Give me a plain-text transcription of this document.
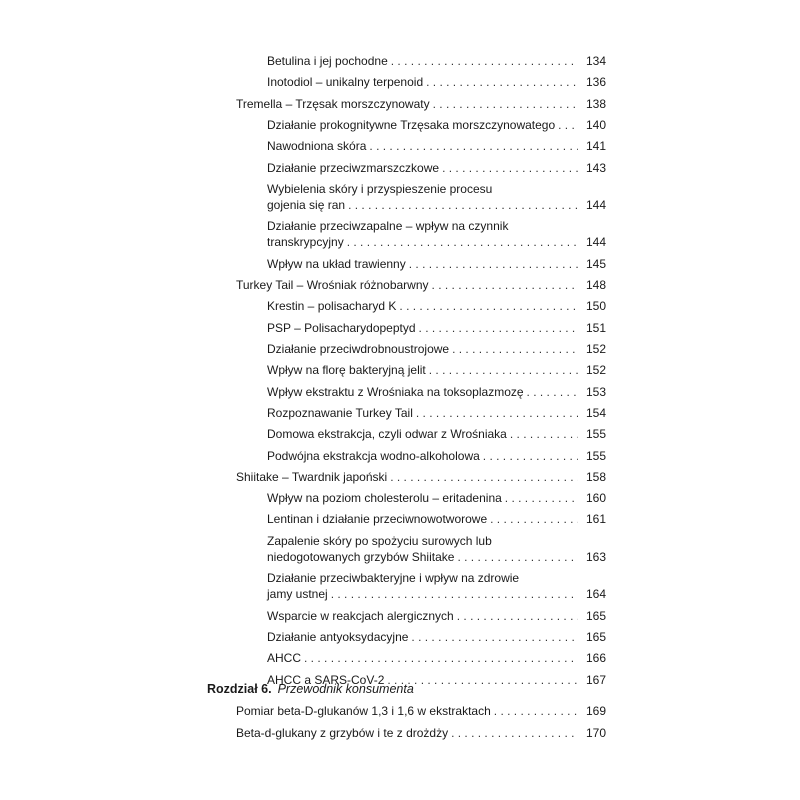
Betulina i jej pochodne . . .	134
Inotodiol – unikalny terpenoid . . .	136
Tremella – Trzęsak morszczynowaty . . .	138
Działanie prokognitywne Trzęsaka morszczynowatego . . .	140
Nawodniona skóra . . .	141
Działanie przeciwzmarszczkowe . . .	143
Wybielenia skóry i przyspieszenie procesu
gojenia się ran . . .	144
Działanie przeciwzapalne – wpływ na czynnik
transkrypcyjny . . .	144
Wpływ na układ trawienny . . .	145
Turkey Tail – Wrośniak różnobarwny . . .	148
Krestin – polisacharyd K . . .	150
PSP – Polisacharydopeptyd . . .	151
Działanie przeciwdrobnoustrojowe . . .	152
Wpływ na florę bakteryjną jelit . . .	152
Wpływ ekstraktu z Wrośniaka na toksoplazmozę . . .	153
Rozpoznawanie Turkey Tail . . .	154
Domowa ekstrakcja, czyli odwar z Wrośniaka . . .	155
Podwójna ekstrakcja wodno-alkoholowa . . .	155
Shiitake – Twardnik japoński . . .	158
Wpływ na poziom cholesterolu – eritadenina . . .	160
Lentinan i działanie przeciwnowotworowe . . .	161
Zapalenie skóry po spożyciu surowych lub
niedogotowanych grzybów Shiitake . . .	163
Działanie przeciwbakteryjne i wpływ na zdrowie
jamy ustnej . . .	164
Wsparcie w reakcjach alergicznych . . .	165
Działanie antyoksydacyjne . . .	165
AHCC . . .	166
AHCC a SARS-CoV-2 . . .	167
Rozdział 6. Przewodnik konsumenta
Pomiar beta-D-glukanów 1,3 i 1,6 w ekstraktach . . .	169
Beta-d-glukany z grzybów i te z drożdży . . .	170
